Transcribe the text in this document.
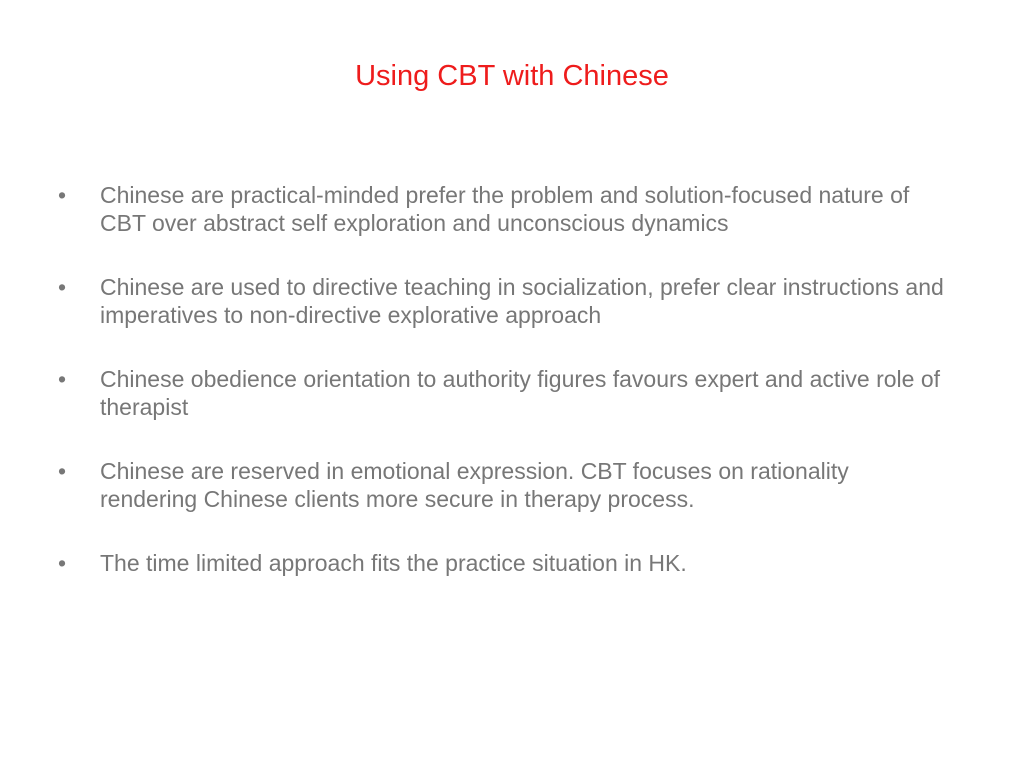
Using CBT with Chinese
•	Chinese are practical-minded prefer the problem and solution-focused nature of CBT over abstract self exploration and unconscious dynamics
•	Chinese are used to directive teaching in socialization, prefer clear instructions and imperatives to non-directive explorative approach
•	Chinese obedience orientation to authority figures favours expert and active role of therapist
•	Chinese are reserved in emotional expression. CBT focuses on rationality rendering Chinese clients more secure in therapy process.
•	The time limited approach fits the practice situation in HK.
